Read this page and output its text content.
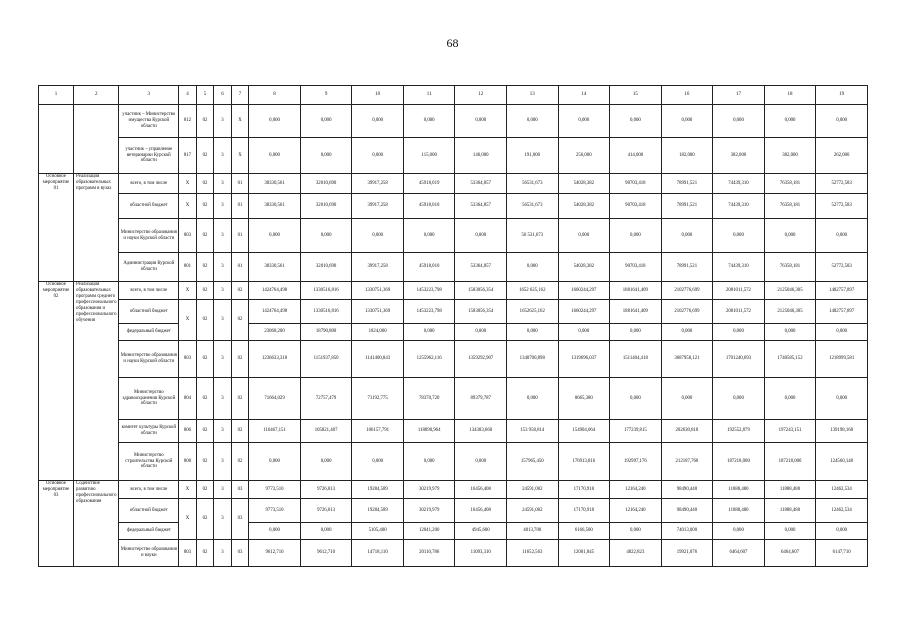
68
1	2	3	4	5	6	7	8	9	10	11	12	13	14	15	16	17	18	19
		участник – Министерство имущества Курской области	812	02	3	Х	0,000	0,000	0,000	0,000	0,000	0,000	0,000	0,000	0,000	0,000	0,000	0,000
		участник – управление ветеринарии Курской области	817	02	3	Х	0,000	0,000	0,000	115,000	146,000	191,000	256,000	414,000	182,000	382,000	382,000	262,000
Основное мероприятие 01	Реализация образовательных программ в вузах	всего, в том числе	Х	02	3	01	38330,561	32010,690	39917,258	45918,019	53364,857	56531,673	54028,382	90703,418	78991,521	74439,310	76358,181	52772,583
		областной бюджет	Х	02	3	01	38330,561	32010,690	39917,258	45918,010	53364,857	56531,673	54028,382	90703,418	78991,521	74439,310	76358,181	52772,583
		Министерство образования и науки Курской области	803	02	3	01	0,000	0,000	0,000	0,000	0,000	56 531,673	0,000	0,000	0,000	0,000	0,000	0,000
		Администрация Курской области	801	02	3	01	38330,561	32010,690	39917,258	45918,010	53364,857	0,000	54028,382	90703,418	78991,521	74439,310	76358,181	52772,583
Основное мероприятие 02	Реализация образовательных программ среднего профессионального образования и профессионального обучения	всего, в том числе	Х	02	3	02	1424764,498	1330516,816	1330751,369	1453223,798	1583056,354	1652 625,162	1660244,297	1881641,409	2102776,699	2081011,572	2125046,305	1482757,897
		областной бюджет	Х	02	3	02	1424764,498	1330516,816	1330751,369	1453223,798	1583056,354	1652625,162	1660244,297	1881641,409	2102776,699	2081011,572	2125046,305	1482757,897
		федеральный бюджет					23068,200	18790,800	1824,000	0,000	0,000	0,000	0,000	0,000	0,000	0,000	0,000	0,000
		Министерство образования и науки Курской области	803	02	3	02	1236633,318	1151937,850	1141400,843	1255962,116	1359292,907	1340700,898	1319696,037	1511404,418	3687958,121	1701240,693	1740585,152	1218999,581
		Министерство здравоохранения Курской области	804	02	3	02	71664,029	72757,479	71192,775	78370,720	89379,787	0,000	8665,380	0,000	0,000	0,000	0,000	0,000
		комитет культуры Курской области	806	02	3	02	116467,151	105821,487	106157,791	118890,964	134383,660	153 958,814	154904,064	177239,815	202630,818	192552,879	197243,151	139198,168
		Министерство строительства Курской области	808	02	3	02	0,000	0,000	0,000	0,000	0,000	157965,450	176913,816	192997,176	212187,760	187218,000	187218,000	124560,148
Основное мероприятие 03	Содействие развитию профессионального образования	всего, в том числе	Х	02	3	03	9773,510	9726,013	19284,589	30219,979	16456,408	24591,082	17170,918	12164,240	98490,440	11888,480	11888,480	12462,534
		областной бюджет	Х	02	3	03	9773,510	9726,013	19284,589	30219,979	16456,408	24591,082	17170,918	12164,240	98490,440	11888,480	11888,480	12462,534
		федеральный бюджет					0,000	0,000	5105,400	12041,200	4945,600	4813,700	6166,500	0,000	74013,000	0,000	0,000	0,000
		Министерство образования и науки	803	02	3	03	9612,710	9612,710	14718,110	20110,786	11093,310	11652,563	12001,845	4822,823	19921,076	6464,607	6464,607	6147,710
